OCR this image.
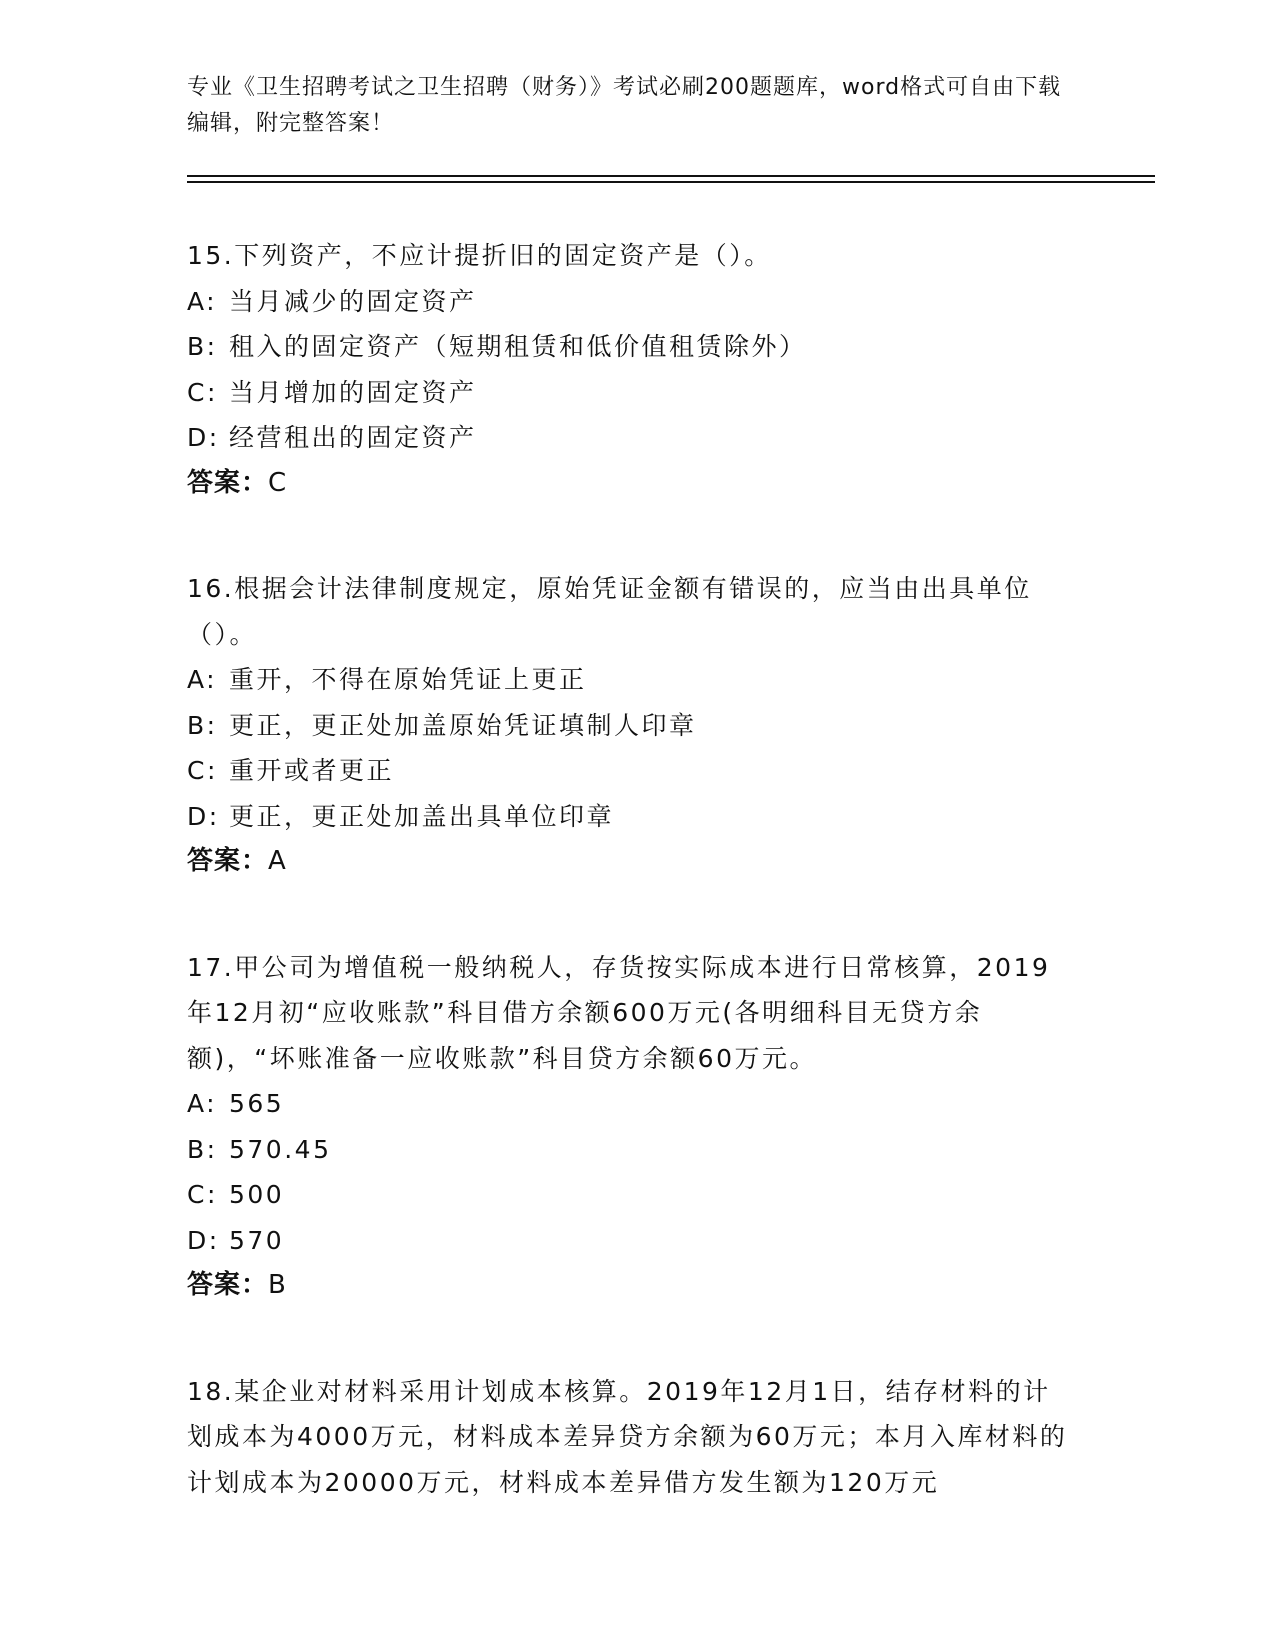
专业《卫生招聘考试之卫生招聘（财务）》考试必刷200题题库，word格式可自由下载编辑，附完整答案！
15.下列资产，不应计提折旧的固定资产是（）。
A: 当月减少的固定资产
B: 租入的固定资产（短期租赁和低价值租赁除外）
C: 当月增加的固定资产
D: 经营租出的固定资产
答案：C
16.根据会计法律制度规定，原始凭证金额有错误的，应当由出具单位（）。
A: 重开，不得在原始凭证上更正
B: 更正，更正处加盖原始凭证填制人印章
C: 重开或者更正
D: 更正，更正处加盖出具单位印章
答案：A
17.甲公司为增值税一般纳税人，存货按实际成本进行日常核算，2019年12月初“应收账款”科目借方余额600万元(各明细科目无贷方余额)，“坏账准备一应收账款”科目贷方余额60万元。
A: 565
B: 570.45
C: 500
D: 570
答案：B
18.某企业对材料采用计划成本核算。2019年12月1日，结存材料的计划成本为4000万元，材料成本差异贷方余额为60万元；本月入库材料的计划成本为20000万元，材料成本差异借方发生额为120万元
